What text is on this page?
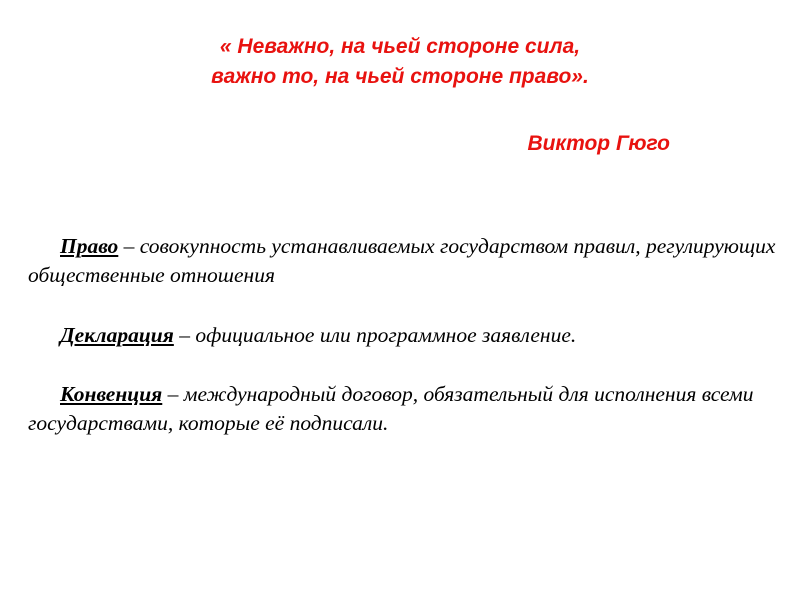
« Неважно, на чьей стороне сила,
важно то, на чьей стороне право».
Виктор Гюго

Право – совокупность устанавливаемых государством правил, регулирующих общественные отношения

Декларация – официальное или программное заявление.

Конвенция – международный договор, обязательный для исполнения всеми государствами, которые её подписали.
